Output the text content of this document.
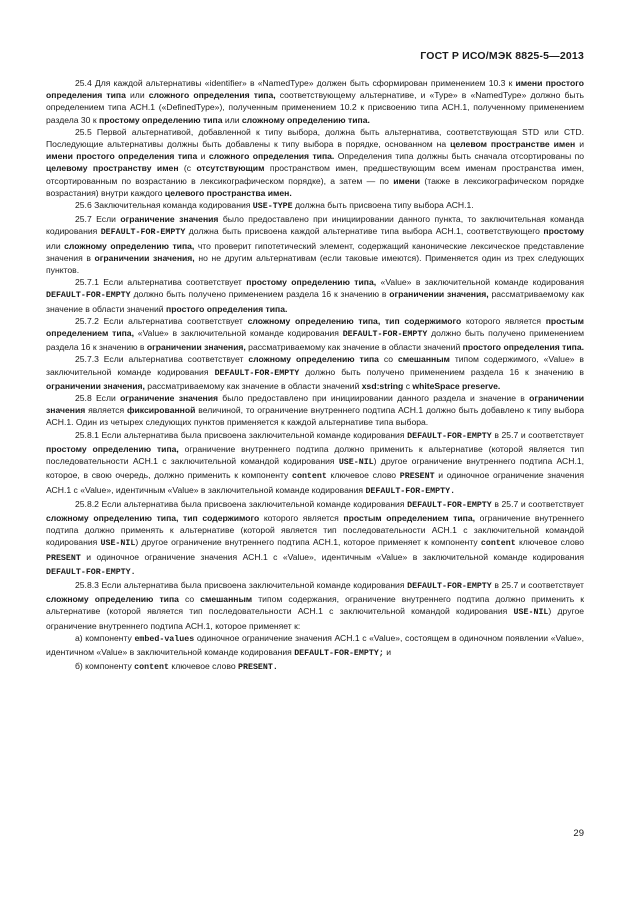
ГОСТ Р ИСО/МЭК 8825-5—2013

25.4 Для каждой альтернативы «identifier» в «NamedType» должен быть сформирован применением 10.3 к имени простого определения типа или сложного определения типа, соответствующему альтернативе, и «Type» в «NamedType» должно быть определением типа АСН.1 («DefinedType»), полученным применением 10.2 к присвоению типа АСН.1, полученному применением раздела 30 к простому определению типа или сложному определению типа.

25.5 Первой альтернативой, добавленной к типу выбора, должна быть альтернатива, соответствующая STD или CTD. Последующие альтернативы должны быть добавлены к типу выбора в порядке, основанном на целевом пространстве имен и имени простого определения типа и сложного определения типа. Определения типа должны быть сначала отсортированы по целевому пространству имен (с отсутствующим пространством имен, предшествующим всем именам пространства имен, отсортированным по возрастанию в лексикографическом порядке), а затем — по имени (также в лексикографическом порядке возрастания) внутри каждого целевого пространства имен.

25.6 Заключительная команда кодирования USE-TYPE должна быть присвоена типу выбора АСН.1.

25.7 Если ограничение значения было предоставлено при инициировании данного пункта, то заключительная команда кодирования DEFAULT-FOR-EMPTY должна быть присвоена каждой альтернативе типа выбора АСН.1, соответствующего простому или сложному определению типа, что проверит гипотетический элемент, содержащий канонические лексическое представление значения в ограничении значения, но не другим альтернативам (если таковые имеются). Применяется один из трех следующих пунктов.

25.7.1 Если альтернатива соответствует простому определению типа, «Value» в заключительной команде кодирования DEFAULT-FOR-EMPTY должно быть получено применением раздела 16 к значению в ограничении значения, рассматриваемому как значение в области значений простого определения типа.

25.7.2 Если альтернатива соответствует сложному определению типа, тип содержимого которого является простым определением типа, «Value» в заключительной команде кодирования DEFAULT-FOR-EMPTY должно быть получено применением раздела 16 к значению в ограничении значения, рассматриваемому как значение в области значений простого определения типа.

25.7.3 Если альтернатива соответствует сложному определению типа со смешанным типом содержимого, «Value» в заключительной команде кодирования DEFAULT-FOR-EMPTY должно быть получено применением раздела 16 к значению в ограничении значения, рассматриваемому как значение в области значений xsd:string с whiteSpace preserve.

25.8 Если ограничение значения было предоставлено при инициировании данного раздела и значение в ограничении значения является фиксированной величиной, то ограничение внутреннего подтипа АСН.1 должно быть добавлено к типу выбора АСН.1. Один из четырех следующих пунктов применяется к каждой альтернативе типа выбора.

25.8.1 Если альтернатива была присвоена заключительной команде кодирования DEFAULT-FOR-EMPTY в 25.7 и соответствует простому определению типа, ограничение внутреннего подтипа должно применить к альтернативе (которой является тип последовательности АСН.1 с заключительной командой кодирования USE-NIL) другое ограничение внутреннего подтипа АСН.1, которое, в свою очередь, должно применить к компоненту content ключевое слово PRESENT и одиночное ограничение значения АСН.1 с «Value», идентичным «Value» в заключительной команде кодирования DEFAULT-FOR-EMPTY.

25.8.2 Если альтернатива была присвоена заключительной команде кодирования DEFAULT-FOR-EMPTY в 25.7 и соответствует сложному определению типа, тип содержимого которого является простым определением типа, ограничение внутреннего подтипа должно применять к альтернативе (которой является тип последовательности АСН.1 с заключительной командой кодирования USE-NIL) другое ограничение внутреннего подтипа АСН.1, которое применяет к компоненту content ключевое слово PRESENT и одиночное ограничение значения АСН.1 с «Value», идентичным «Value» в заключительной команде кодирования DEFAULT-FOR-EMPTY.

25.8.3 Если альтернатива была присвоена заключительной команде кодирования DEFAULT-FOR-EMPTY в 25.7 и соответствует сложному определению типа со смешанным типом содержания, ограничение внутреннего подтипа должно применить к альтернативе (которой является тип последовательности АСН.1 с заключительной командой кодирования USE-NIL) другое ограничение внутреннего подтипа АСН.1, которое применяет к:

а) компоненту embed-values одиночное ограничение значения АСН.1 с «Value», состоящем в одиночном появлении «Value», идентичном «Value» в заключительной команде кодирования DEFAULT-FOR-EMPTY; и

б) компоненту content ключевое слово PRESENT.

29
